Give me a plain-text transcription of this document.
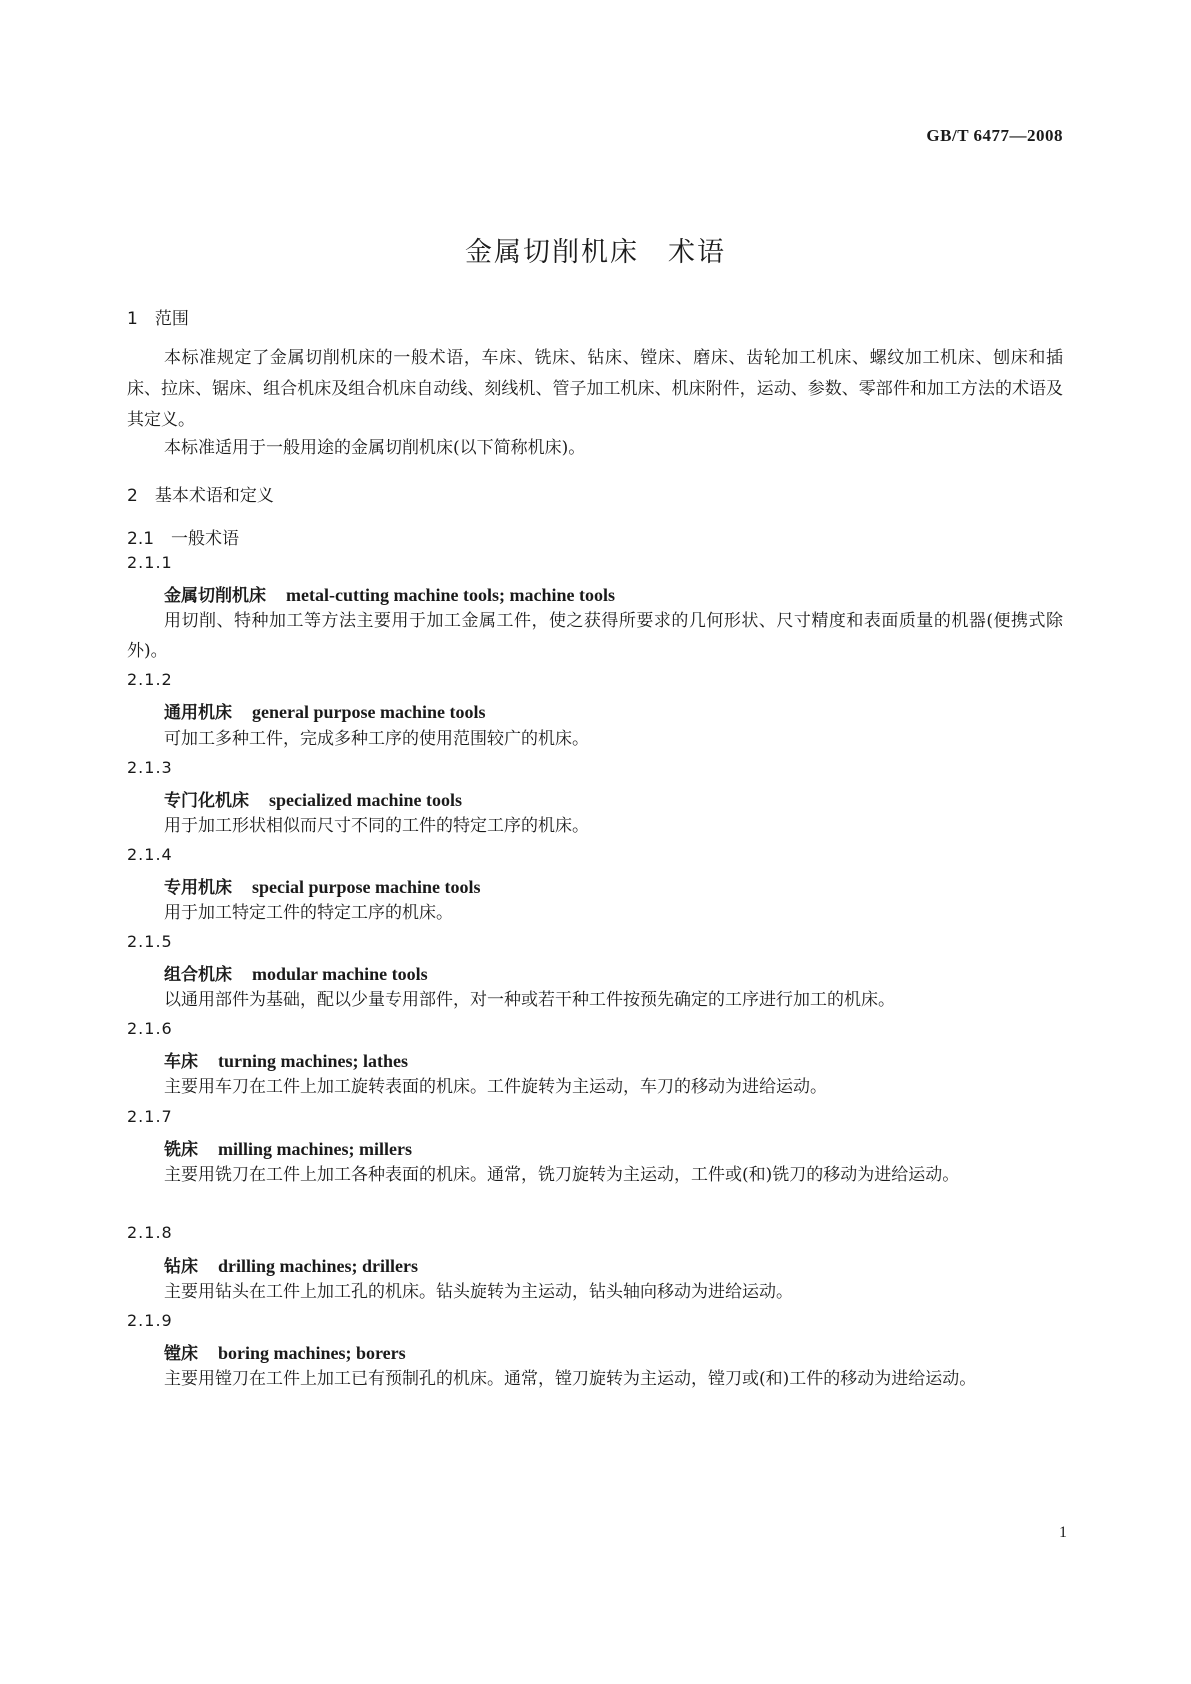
GB/T 6477—2008
金属切削机床　术语
1　范围
本标准规定了金属切削机床的一般术语，车床、铣床、钻床、镗床、磨床、齿轮加工机床、螺纹加工机床、刨床和插床、拉床、锯床、组合机床及组合机床自动线、刻线机、管子加工机床、机床附件，运动、参数、零部件和加工方法的术语及其定义。
本标准适用于一般用途的金属切削机床(以下简称机床)。
2　基本术语和定义
2.1　一般术语
2.1.1
金属切削机床 metal-cutting machine tools; machine tools
用切削、特种加工等方法主要用于加工金属工件，使之获得所要求的几何形状、尺寸精度和表面质量的机器(便携式除外)。
2.1.2
通用机床 general purpose machine tools
可加工多种工件，完成多种工序的使用范围较广的机床。
2.1.3
专门化机床 specialized machine tools
用于加工形状相似而尺寸不同的工件的特定工序的机床。
2.1.4
专用机床 special purpose machine tools
用于加工特定工件的特定工序的机床。
2.1.5
组合机床 modular machine tools
以通用部件为基础，配以少量专用部件，对一种或若干种工件按预先确定的工序进行加工的机床。
2.1.6
车床 turning machines; lathes
主要用车刀在工件上加工旋转表面的机床。工件旋转为主运动，车刀的移动为进给运动。
2.1.7
铣床 milling machines; millers
主要用铣刀在工件上加工各种表面的机床。通常，铣刀旋转为主运动，工件或(和)铣刀的移动为进给运动。
2.1.8
钻床 drilling machines; drillers
主要用钻头在工件上加工孔的机床。钻头旋转为主运动，钻头轴向移动为进给运动。
2.1.9
镗床 boring machines; borers
主要用镗刀在工件上加工已有预制孔的机床。通常，镗刀旋转为主运动，镗刀或(和)工件的移动为进给运动。
1
